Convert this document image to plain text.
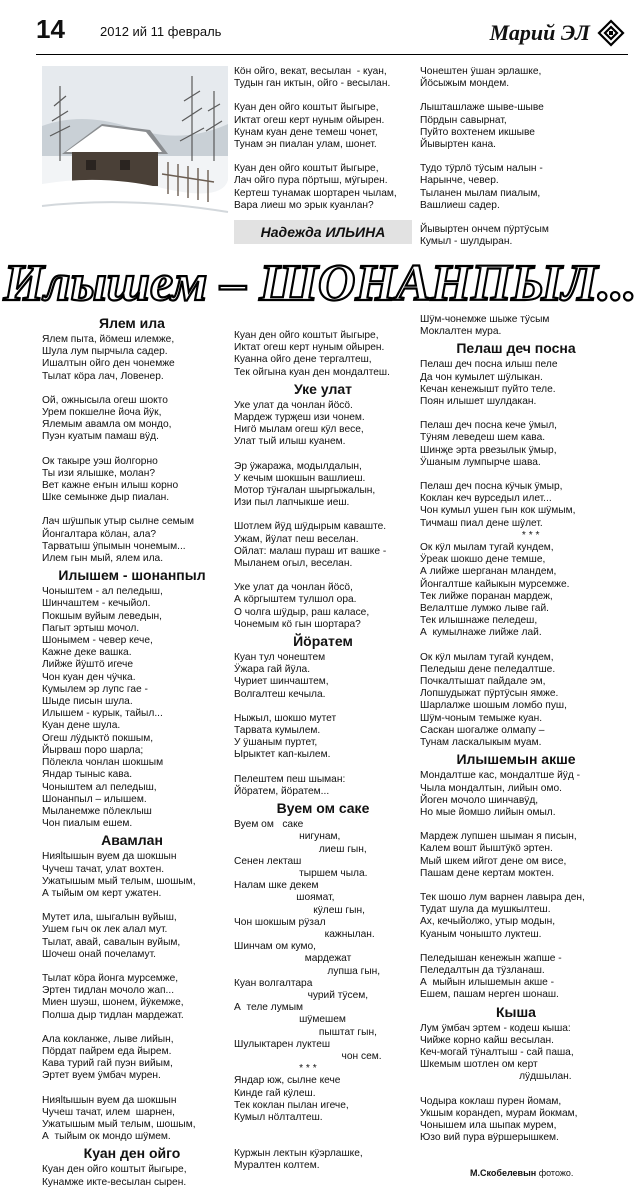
14	2012 ий 11 февраль	Марий ЭЛ
Кӧн ойго, векат, весылан  - куан,
Тудын ган иктын, ойго - весылан.
Куан ден ойго коштыт йыгыре,
Иктат огеш керт нуным ойырен.
Кунам куан дене темеш чонет,
Тунам эн пиалан улам, шонет.
Куан ден ойго коштыт йыгыре,
Лач ойго пура пӧртыш, мӱгырен.
Кертеш тунамак шортарен чылам,
Вара лиеш мо эрык куанлан?
Чонештен ӱшан эрлашке,
Йӧсыжым мондем.
Лышташлаже шыве-шыве
Пӧрдын савырнат,
Пуйто вохтенем икшыве
Йывыртен кана.
Тудо тӱрлӧ тӱсым налын -
Нарынче, чевер.
Тыланен мылам пиалым,
Вашлиеш садер.
Йывыртен ончем пӱртӱсым
Кумыл - шулдыран.
Надежда ИЛЬИНА
Илышем – ШОНАНПЫЛ...
Ялем ила
Ялем пыта, йӧмеш илемже,
Шула лум пырчыла садер.
Ишалтын ойго ден чонемже
Тылат кӧра лач, Ловенер.
Ой, ожнысыла огеш шокто
Урем покшелне йоча йӱк,
Ялемым авамла ом мондо,
Пуэн куатым памаш вӱд.
Ок такыре уэш йолгорно
Ты изи ялышке, молан?
Вет кажне еҥын илыш корно
Шке семынже дыр пиалан.
Лач шӱшпык утыр сылне семым
Йонгалтара кӧлан, ала?
Тарватыш ӱпымын чонемым...
Илем гын мый, ялем ила.
Илышем - шонанпыл
Чоныштем - ал пеледыш,
Шинчаштем - кечыйол.
Покшым вуйым леведын,
Пагыт эртыш мочол.
Шонымем - чевер кече,
Кажне деке вашка.
Лийже йӱштӧ игече
Чон куан ден чӱчка.
Кумылем эр лупс гае -
Шыде писын шула.
Илышем - курык, тайыл...
Куан дене шула.
Огеш лӱдыктӧ покшым,
Йырваш поро шарла;
Пӧлекла чонлан шокшым
Яндар тыныс кава.
Чоныштем ал пеледыш,
Шонанпыл – илышем.
Мыланемже пӧлеклыш
Чон пиалым ешем.
Авамлан
Нияltышын вуем да шокшын
Чучеш тачат, улат вохтен.
Ужатышым мый телым, шошым,
А тыйым ом керт ужатен.
Мутет ила, шыгалын вуйыш,
Ушем гыч ок лек алал мут.
Тылат, авай, савалын вуйым,
Шочеш онай почеламут.
Тылат кӧра йонга мурсемже,
Эртен тидлан мочоло жап...
Миен шуэш, шонем, йӱкемже,
Полша дыр тидлан мардежат.
Ала кокланже, лыве лийын,
Пӧрдат пайрем еда йырем.
Кава турий гай пуэн вийым,
Эртет вуем ӱмбач мурен.
Нияltышын вуем да шокшын
Чучеш тачат, илем  шарнен,
Ужатышым мый телым, шошым,
А  тыйым ок мондо шӱмем.
Куан ден ойго
Куан ден ойго коштыт йыгыре,
Кунамже икте-весылан сырен.
Куан ден ойго коштыт йыгыре,
Иктат огеш керт нуным ойырен.
Куанна ойго дене тергалтеш,
Тек ойгына куан ден мондалтеш.
Уке улат
Уке улат да чонлан йӧсӧ.
Мардеж турҗеш изи чонем.
Нигӧ мылам огеш кӱл весе,
Улат тый илыш куанем.
Эр ӱжаража, модылдалын,
У кечым шокшын вашлиеш.
Мотор тӱҥалан шыргыжалын,
Изи пыл лапчыкше иеш.
Шотлем йӱд шӱдырым каваште.
Ужам, йӱлат пеш веселан.
Ойлат: малаш пураш ит вашке -
Мыланем огыл, веселан.
Уке улат да чонлан йӧсӧ,
А кӧргыштем тулшол ора.
О чолга шӱдыр, раш каласе,
Чонемым кӧ гын шортара?
Йӧратем
Куан тул чонештем
Ӱжара гай йӱла.
Чуриет шинчаштем,
Волгалтеш кечыла.
Ныжыл, шокшо мутет
Тарвата кумылем.
У ӱшаным пуртет,
Ырыктет кап-кылем.
Пелештем пеш шыман:
Йӧратем, йӧратем...
Вуем ом саке
Вуем ом   саке
нигунам,
лиеш гын,
Сенен лекташ
тыршем чыла.
Налам шке декем
шоямат,
кӱлеш гын,
Чон шокшым рӱзал
кажнылан.
Шинчам ом кумо,
мардежат
лупша гын,
Куан волгалтара
чурий тӱсем,
А  теле лумым
шӱмешем
пыштат гын,
Шулыктарен луктеш
чон сем.
* * *
Яндар юж, сылне кече
Кинде гай кӱлеш.
Тек коклан пылан игече,
Кумыл нӧлталтеш.
Куржын лектын кӱэрлашке,
Муралтен колтем.
Шӱм-чонемже шыже тӱсым
Моклалтен мура.
Пелаш деч посна
Пелаш деч посна илыш пеле
Да чон кумылет шӱлыкан.
Кечан кенежышт пуйто теле.
Поян илышет шулдакан.
Пелаш деч посна кече ӱмыл,
Тӱням леведеш шем кава.
Шинҗе эрта рвезылык ӱмыр,
Ӱшаным лумпырче шава.
Пелаш деч посна кӱчык ӱмыр,
Коклан кеч вурседыл илет...
Чон кумыл ушен гын кок шӱмым,
Тичмаш пиал дене шӱлет.
* * *
Ок кӱл мылам тугай кундем,
Ӱреак шокшо дене темше,
А лийже шерганан мландем,
Йонгалтше кайыкын мурсемже.
Тек лийже поранан мардеж,
Велалтше лумжо лыве гай.
Тек илышнаже пеледеш,
А  кумылнаже лийже лай.
Ок кӱл мылам тугай кундем,
Пеледыш дене пеледалтше.
Почкалтышат пайдале эм,
Лопшудыжат пӱртӱсын ямже.
Шарлалже шошым ломбо пуш,
Шӱм-чоным темыже куан.
Саскан шогалже олмапу –
Тунам ласкалыкым муам.
Илышемын акше
Мондалтше кас, мондалтше йӱд -
Чыла мондалтын, лийын омо.
Йоген мочоло шинчавӱд,
Но мые йомшо лийын омыл.
Мардеж лупшен шыман я писын,
Калем вошт йыштӱкӧ эртен.
Мый шкем ийгот дене ом висе,
Пашам дене кертам моктен.
Тек шошо лум варнен лавыра ден,
Тудат шула да мушкылтеш.
Ах, кечыйолжо, утыр модын,
Куаным чоныштo луктеш.
Пеледышан кенежын жапше -
Пеледалтын да тӱзланаш.
А  мыйын илышемын акше -
Ешем, пашам нерген шонаш.
Кыша
Лум ӱмбач эртем - кодеш кыша:
Чийже корно кайш весылан.
Кеч-могай тӱналтыш - сай паша,
Шкемым шотлен ом керт
лӱдшылан.
Чодыра коклаш пурен йомам,
Укшым корандеn, мурам йокмам,
Чонышем ила шыпак мурем,
Юзо вий пура вӱршерышкем.
М.Скобелевын фотожо.
